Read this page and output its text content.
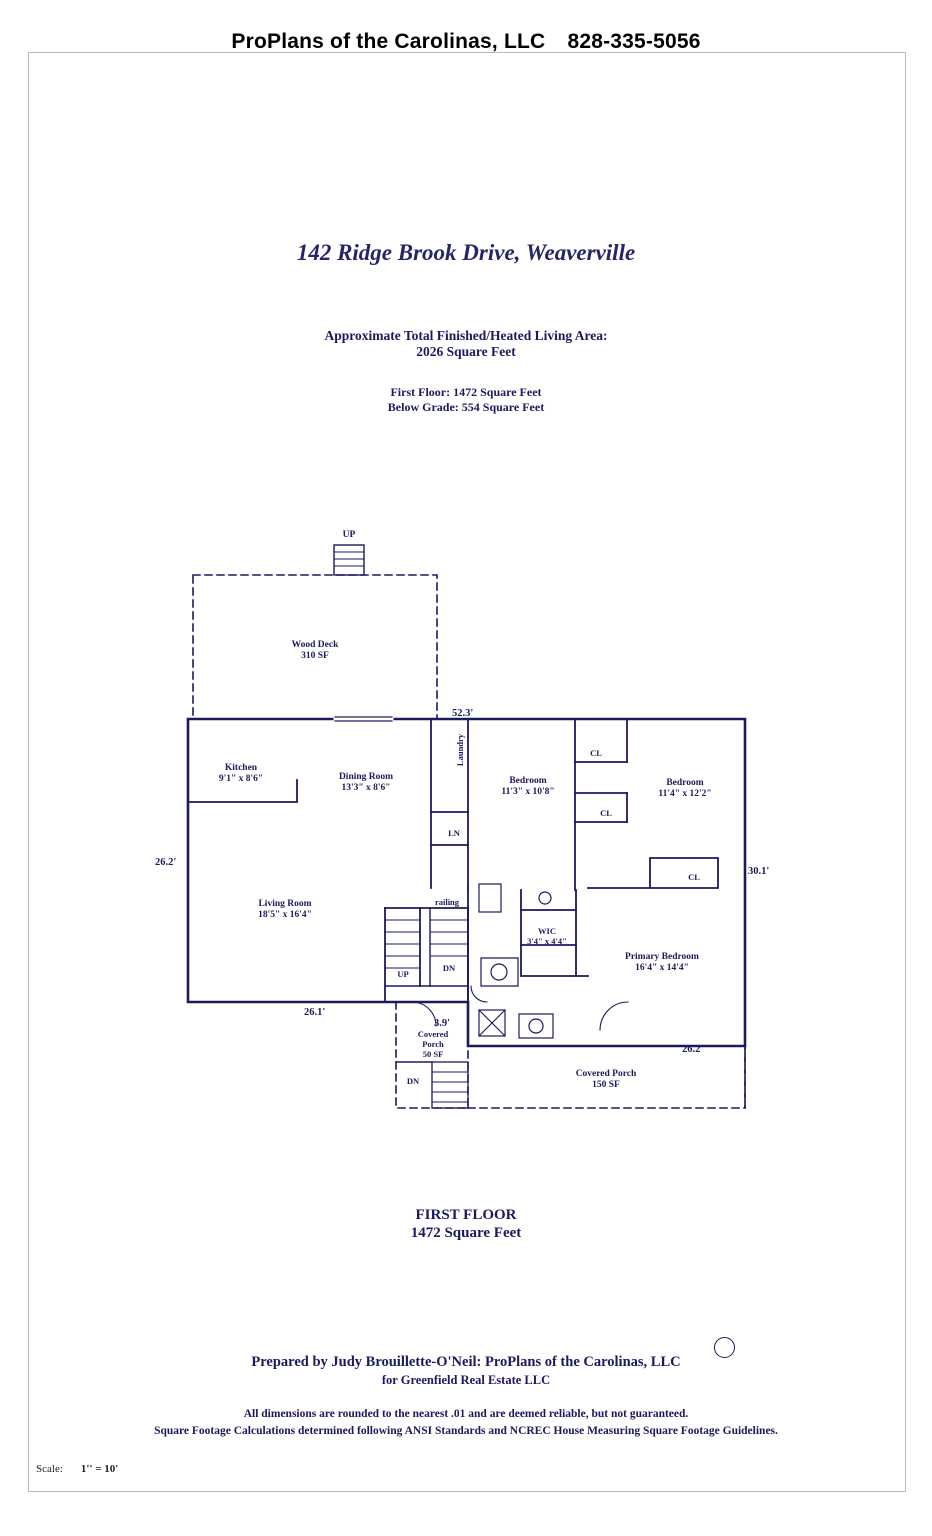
ProPlans of the Carolinas, LLC 828-335-5056
142 Ridge Brook Drive, Weaverville
Approximate Total Finished/Heated Living Area:
2026 Square Feet
First Floor: 1472 Square Feet
Below Grade: 554 Square Feet
52.3'
26.2'
30.1'
26.1'
26.2'
3.9'
UP
Wood Deck
310 SF
Kitchen
9'1" x 8'6"	Dining Room
13'3" x 8'6"
Laundry
LN
Bedroom
11'3" x 10'8"
CL
CL
Bedroom
11'4" x 12'2"
CL
Living Room
18'5" x 16'4"
railing
WIC
3'4" x 4'4"
Primary Bedroom
16'4" x 14'4"
UP
DN
Covered
Porch
50 SF
Covered Porch
150 SF
DN
FIRST FLOOR
1472 Square Feet
Prepared by Judy Brouillette-O'Neil: ProPlans of the Carolinas, LLC
for Greenfield Real Estate LLC
All dimensions are rounded to the nearest .01 and are deemed reliable, but not guaranteed.
Square Footage Calculations determined following ANSI Standards and NCREC House Measuring Square Footage Guidelines.
Scale: 1'' = 10'
